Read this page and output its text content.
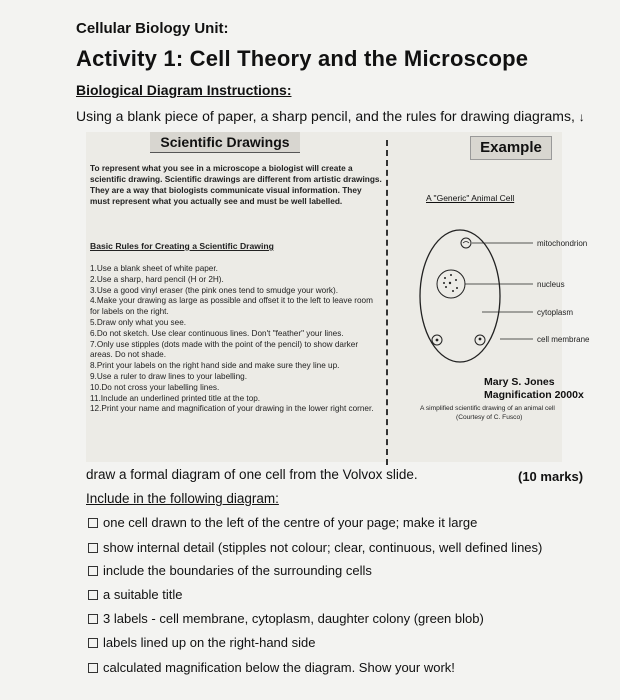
Cellular Biology Unit:
Activity 1: Cell Theory and the Microscope
Biological Diagram Instructions:
Using a blank piece of paper, a sharp pencil, and the rules for drawing diagrams, ↓
Scientific Drawings	Example
To represent what you see in a microscope a biologist will create a scientific drawing. Scientific drawings are different from artistic drawings. They are a way that biologists communicate visual information. They must represent what you actually see and must be well labelled.
Basic Rules for Creating a Scientific Drawing
1.Use a blank sheet of white paper.
2.Use a sharp, hard pencil (H or 2H).
3.Use a good vinyl eraser (the pink ones tend to smudge your work).
4.Make your drawing as large as possible and offset it to the left to leave room for labels on the right.
5.Draw only what you see.
6.Do not sketch. Use clear continuous lines. Don't "feather" your lines.
7.Only use stipples (dots made with the point of the pencil) to show darker areas. Do not shade.
8.Print your labels on the right hand side and make sure they line up.
9.Use a ruler to draw lines to your labelling.
10.Do not cross your labelling lines.
11.Include an underlined printed title at the top.
12.Print your name and magnification of your drawing in the lower right corner.
A "Generic" Animal Cell
mitochondrion
nucleus
cytoplasm
cell membrane
Mary S. Jones
Magnification 2000x
A simplified scientific drawing of an animal cell
(Courtesy of C. Fusco)
draw a formal diagram of one cell from the Volvox slide.	(10 marks)
Include in the following diagram:
one cell drawn to the left of the centre of your page; make it large
show internal detail (stipples not colour; clear, continuous, well defined lines)
include the boundaries of the surrounding cells
a suitable title
3 labels - cell membrane, cytoplasm, daughter colony (green blob)
labels lined up on the right-hand side
calculated magnification below the diagram. Show your work!
